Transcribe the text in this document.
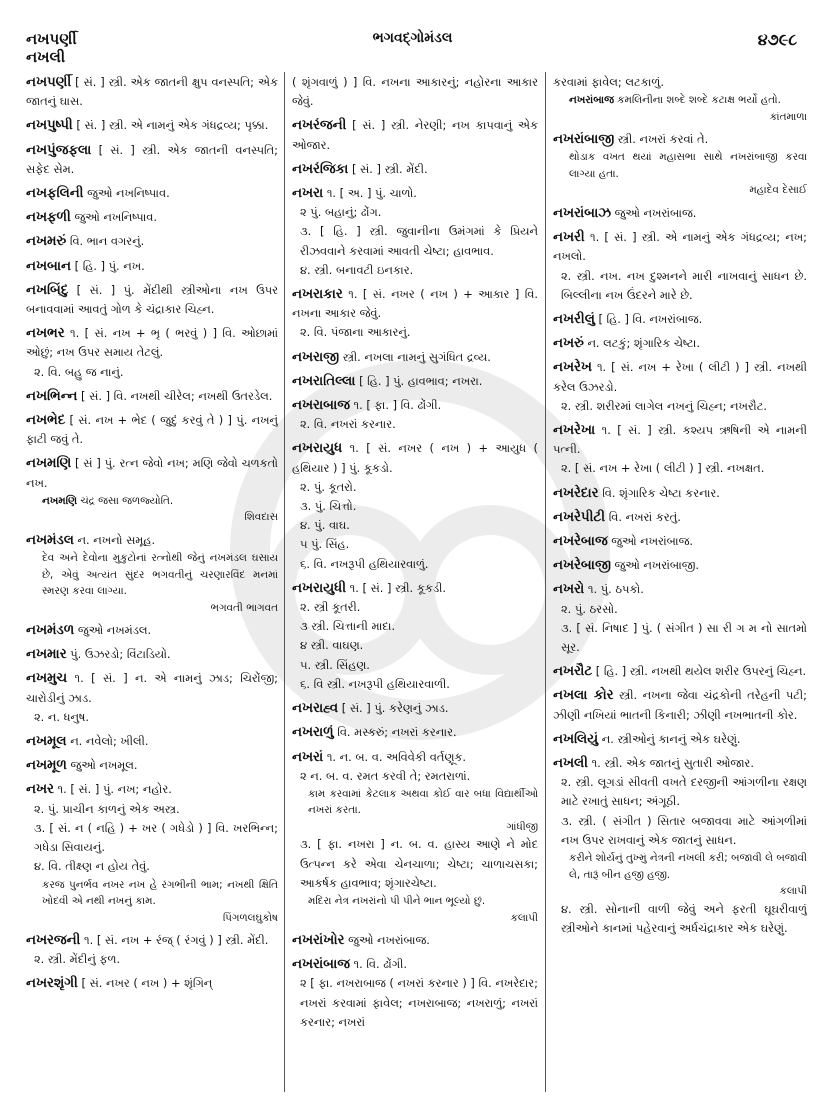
નખપર્ણી
નખલી
ભગવદ્ગોમંડલ	૪૭૯૮
નખપર્ણી [ સં. ] સ્ત્રી. એક જાતની ક્ષુપ વનસ્પતિ; એક જાતનું ઘાસ.
નખપુષ્પી [ સં. ] સ્ત્રી. એ નામનું એક ગંધદ્રવ્ય; પૃક્કા.
નખપુંજફલા [ સં. ] સ્ત્રી. એક જાતની વનસ્પતિ; સફેદ સેમ.
નખફલિની જુઓ નખનિષ્પાવ.
નખફળી જુઓ નખનિષ્પાવ.
નખમરું વિ. ભાન વગરનું.
નખબાન [ હિ. ] પું. નખ.
નખબિંદુ [ સં. ] પું. મેંદીથી સ્ત્રીઓના નખ ઉપર બનાવવામાં આવતું ગોળ કે ચંદ્રાકાર ચિહ્ન.
નખભર ૧. [ સં. નખ + ભૃ ( ભરવું ) ] વિ. ઓછામાં ઓછું; નખ ઉપર સમાય તેટલું.
૨. વિ. બહુ જ નાનું.
નખભિન્ન [ સં. ] વિ. નખથી ચીરેલ; નખથી ઉતરડેલ.
નખભેદ [ સં. નખ + ભેદ ( જુદું કરવું તે ) ] પું. નખનું ફાટી જવું તે.
નખમણિ [ સં ] પું. રત્ન જેવો નખ; મણિ જેવો ચળકતો નખ.
નખમણિ ચંદ્ર જસા જળજ્યોતિ.
શિવદાસ
નખમંડલ ન. નખનો સમૂહ.
દેવ અને દેવોના મુકુટોનાં રત્નોથી જેનું નખમંડલ ઘસાય છે, એવું અત્યંત સુંદર ભગવતીનું ચરણારવિંદ મનમાં સ્મરણ કરવા લાગ્યા.
ભગવતી ભાગવત
નખમંડળ જુઓ નખમંડલ.
નખમાર પું. ઉઝરડો; વિંટાડિયો.
નખમુચ ૧. [ સં. ] ન. એ નામનું ઝાડ; ચિરોંજી; ચારોડીનું ઝાડ.
૨. ન. ધનુષ.
નખમૂલ ન. નવેલો; ખીલી.
નખમૂળ જુઓ નખમૂલ.
નખર ૧. [ સં. ] પું. નખ; નહોર.
૨. પું. પ્રાચીન કાળનું એક અસ્ત્ર.
૩. [ સં. ન ( નહિ ) + ખર ( ગધેડો ) ] વિ. ખરભિન્ન; ગધેડા સિવાયનું.
૪. વિ. તીક્ષ્ણ ન હોય તેવું.
કરજ પુનર્ભવ નખર નખ હે રંગભીની ભામ; નખથી ક્ષિતિ ખોદવી એ નથી નખનું કામ.
પિંગળલઘુકોષ
નખરજની ૧. [ સં. નખ + રંજ્ ( રંગવું ) ] સ્ત્રી. મેંદી.
૨. સ્ત્રી. મેંદીનું ફળ.
નખરશૃંગી [ સં. નખર ( નખ ) + શૃંગિન્
( શૃંગવાળું ) ] વિ. નખના આકારનું; નહોરના આકાર જેવું.
નખરંજની [ સં. ] સ્ત્રી. નેરણી; નખ કાપવાનું એક ઓજાર.
નખરંજિકા [ સં. ] સ્ત્રી. મેંદી.
નખરા ૧. [ અ. ] પું. ચાળો.
૨ પું. બહાનું; ઢોંગ.
૩. [ હિ. ] સ્ત્રી. જુવાનીના ઉમંગમાં કે પ્રિયને રીઝવવાને કરવામાં આવતી ચેષ્ટા; હાવભાવ.
૪. સ્ત્રી. બનાવટી ઇનકાર.
નખરાકાર ૧. [ સં. નખર ( નખ ) + આકાર ] વિ. નખના આકાર જેવું.
૨. વિ. પંજાના આકારનું.
નખરાજી સ્ત્રી. નખલા નામનું સુગંધિત દ્રવ્ય.
નખરાતિલ્લા [ હિ. ] પું. હાવભાવ; નખરા.
નખરાબાજ ૧. [ ફા. ] વિ. ઢોંગી.
૨. વિ. નખરાં કરનાર.
નખરાયુધ ૧. [ સં. નખર ( નખ ) + આયુધ ( હથિયાર ) ] પું. કૂકડો.
૨. પું. કૂતરો.
૩. પું. ચિત્તો.
૪. પું. વાઘ.
૫ પું. સિંહ.
૬. વિ. નખરૂપી હથિયારવાળું.
નખરાયુધી ૧. [ સં. ] સ્ત્રી. કૂકડી.
૨. સ્ત્રી કૂતરી.
૩ સ્ત્રી. ચિત્તાની માદા.
૪ સ્ત્રી. વાઘણ.
૫. સ્ત્રી. સિંહણ.
૬. વિ સ્ત્રી. નખરૂપી હથિયારવાળી.
નખરાહ્વ [ સં. ] પું. કરેણનું ઝાડ.
નખરાળું વિ. મસ્કરું; નખરાં કરનાર.
નખરાં ૧. ન. બ. વ. અવિવેકી વર્તણૂક.
૨ ન. બ. વ. રમત કરવી તે; રમતરાળાં.
કામ કરવામાં કેટલાક અથવા કોઈ વાર બધા વિદ્યાર્થીઓ નખરાં કરતા.
ગાંધીજી
૩. [ ફા. નખરા ] ન. બ. વ. હાસ્ય આણે ને મોદ ઉત્પન્ન કરે એવા ચેનચાળા; ચેષ્ટા; ચાળાચસકા; આકર્ષક હાવભાવ; શૃંગારચેષ્ટા.
મદિરા નેત્ર નખરાંનો પી પીને ભાન ભૂલ્યો છું.
કલાપી
નખરાંખોર જુઓ નખરાંબાજ.
નખરાંબાજ ૧. વિ. ઢોંગી.
૨ [ ફા. નખરાબાજ ( નખરાં કરનાર ) ] વિ. નખરેદાર; નખરાં કરવામાં ફાવેલ; નખરાબાજ; નખરાળું; નખરાં કરનાર; નખરાં
કરવામાં ફાવેલ; લટકાળું.
નખરાંબાજ કમલિનીના શબ્દે શબ્દે કટાક્ષ ભર્યો હતો.
કાંતમાળા
નખરાંબાજી સ્ત્રી. નખરાં કરવાં તે.
થોડાક વખત થયાં મહાસભા સાથે નખરાંબાજી કરવા લાગ્યા હતા.
મહાદેવ દેસાઈ
નખરાંબાઝ જુઓ નખરાંબાજ.
નખરી ૧. [ સં. ] સ્ત્રી. એ નામનું એક ગંધદ્રવ્ય; નખ; નખલો.
૨. સ્ત્રી. નખ. નખ દુશ્મનને મારી નાખવાનું સાધન છે. બિલ્લીના નખ ઉંદરને મારે છે.
નખરીલું [ હિ. ] વિ. નખરાંબાજ.
નખરું ન. લટકું; શૃંગારિક ચેષ્ટા.
નખરેખ ૧. [ સં. નખ + રેખા ( લીટી ) ] સ્ત્રી. નખથી કરેલ ઉઝરડો.
૨. સ્ત્રી. શરીરમાં લાગેલ નખનું ચિહ્ન; નખરૌટ.
નખરેખા ૧. [ સં. ] સ્ત્રી. કશ્યપ ઋષિની એ નામની પત્ની.
૨. [ સં. નખ + રેખા ( લીટી ) ] સ્ત્રી. નખક્ષત.
નખરેદાર વિ. શૃંગારિક ચેષ્ટા કરનાર.
નખરેપીટી વિ. નખરાં કરતું.
નખરેબાજ જુઓ નખરાંબાજ.
નખરેબાજી જુઓ નખરાંબાજી.
નખરો ૧. પું. ઠપકો.
૨. પું. ઠરસો.
૩. [ સં. નિષાદ ] પું. ( સંગીત ) સા રી ગ મ નો સાતમો સૂર.
નખરૌટ [ હિ. ] સ્ત્રી. નખથી થયેલ શરીર ઉપરનું ચિહ્ન.
નખલા કોર સ્ત્રી. નખના જેવા ચંદ્રકોની તરેહની પટી; ઝીણી નખિયાં ભાતની કિનારી; ઝીણી નખભાતની કોર.
નખલિયું ન. સ્ત્રીઓનું કાનનું એક ઘરેણું.
નખલી ૧. સ્ત્રી. એક જાતનું સુતારી ઓજાર.
૨. સ્ત્રી. લૂગડાં સીવતી વખતે દરજીની આંગળીના રક્ષણ માટે રખાતું સાધન; અંગૂઠી.
૩. સ્ત્રી. ( સંગીત ) સિતાર બજાવવા માટે આંગળીમાં નખ ઉપર રાખવાનું એક જાતનું સાધન.
કરીને શોર્યનું તુખ્મું નેત્રની નખલી કરી; બજાવી લે બજાવી લે, તારૂં બીન હજી હજી.
કલાપી
૪. સ્ત્રી. સોનાની વાળી જેવું અને ફરતી ઘૂઘરીવાળું સ્ત્રીઓને કાનમાં પહેરવાનું અર્ધચંદ્રાકાર એક ઘરેણું.
